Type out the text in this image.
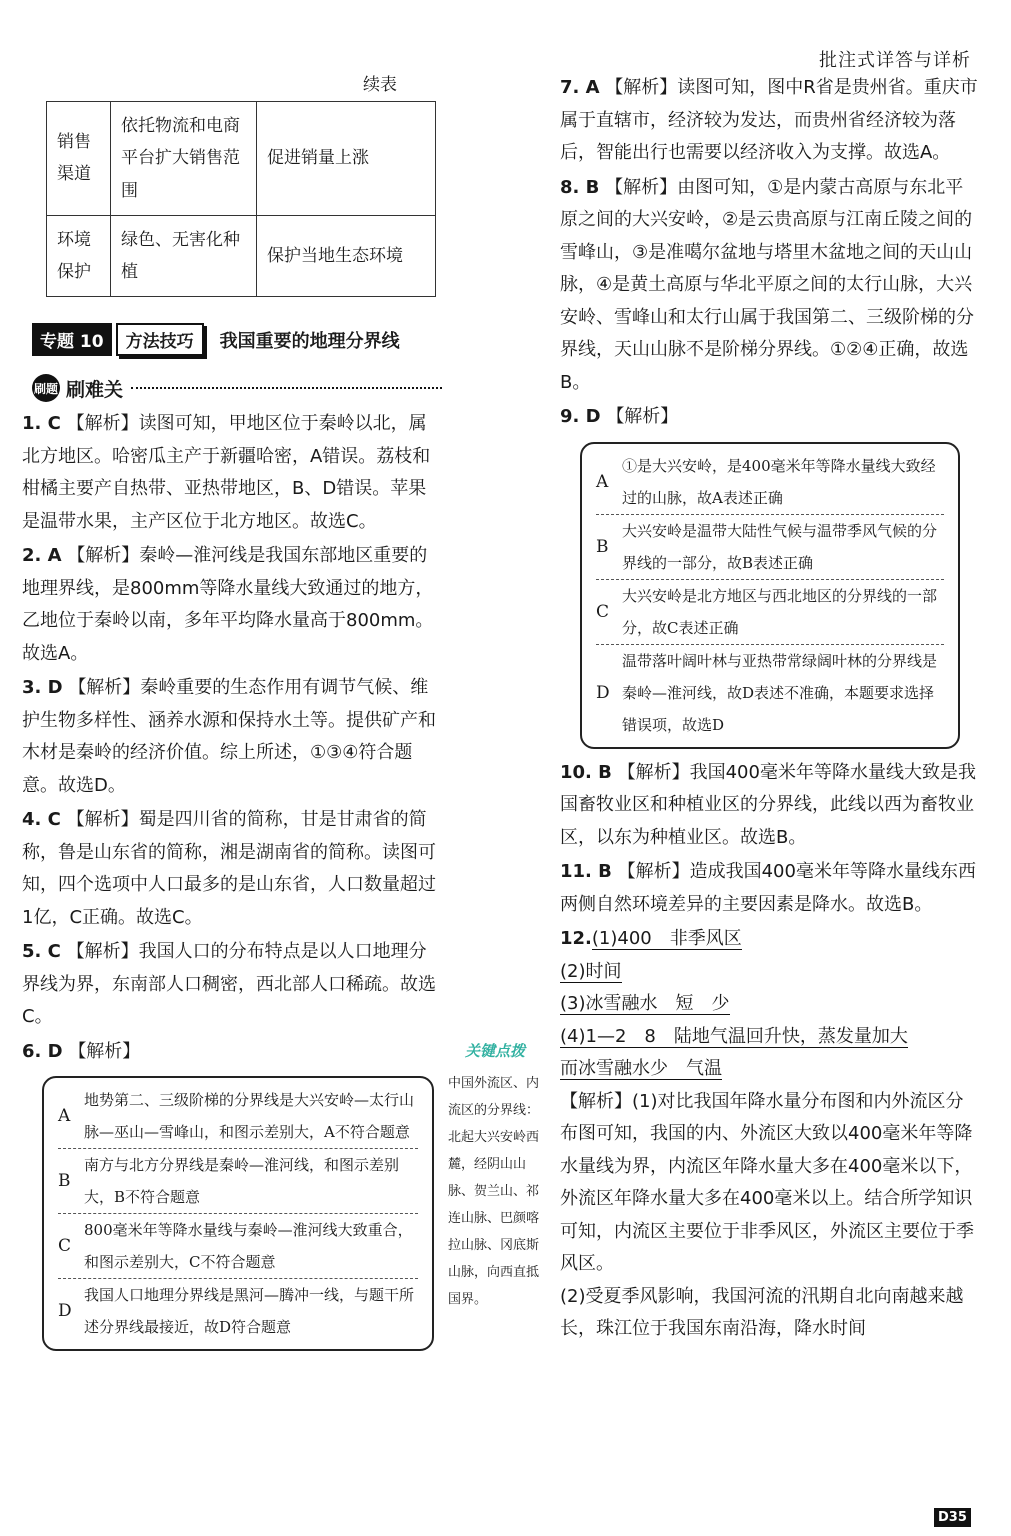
批注式详答与详析
续表
销售渠道	依托物流和电商平台扩大销售范围	促进销量上涨
环境保护	绿色、无害化种植	保护当地生态环境
专题 10	方法技巧	我国重要的地理分界线
刷题 刷难关
1. C 【解析】读图可知，甲地区位于秦岭以北，属北方地区。哈密瓜主产于新疆哈密，A错误。荔枝和柑橘主要产自热带、亚热带地区，B、D错误。苹果是温带水果，主产区位于北方地区。故选C。
2. A 【解析】秦岭—淮河线是我国东部地区重要的地理界线，是800mm等降水量线大致通过的地方，乙地位于秦岭以南，多年平均降水量高于800mm。故选A。
3. D 【解析】秦岭重要的生态作用有调节气候、维护生物多样性、涵养水源和保持水土等。提供矿产和木材是秦岭的经济价值。综上所述，①③④符合题意。故选D。
4. C 【解析】蜀是四川省的简称，甘是甘肃省的简称，鲁是山东省的简称，湘是湖南省的简称。读图可知，四个选项中人口最多的是山东省，人口数量超过1亿，C正确。故选C。
5. C 【解析】我国人口的分布特点是以人口地理分界线为界，东南部人口稠密，西北部人口稀疏。故选C。
6. D 【解析】
A
地势第二、三级阶梯的分界线是大兴安岭—太行山脉—巫山—雪峰山，和图示差别大，A不符合题意
B
南方与北方分界线是秦岭—淮河线，和图示差别大，B不符合题意
C
800毫米年等降水量线与秦岭—淮河线大致重合，和图示差别大，C不符合题意
D
我国人口地理分界线是黑河—腾冲一线，与题干所述分界线最接近，故D符合题意
关键点拨
中国外流区、内流区的分界线：北起大兴安岭西麓，经阴山山脉、贺兰山、祁连山脉、巴颜喀拉山脉、冈底斯山脉，向西直抵国界。
7. A 【解析】读图可知，图中R省是贵州省。重庆市属于直辖市，经济较为发达，而贵州省经济较为落后，智能出行也需要以经济收入为支撑。故选A。
8. B 【解析】由图可知，①是内蒙古高原与东北平原之间的大兴安岭，②是云贵高原与江南丘陵之间的雪峰山，③是准噶尔盆地与塔里木盆地之间的天山山脉，④是黄土高原与华北平原之间的太行山脉，大兴安岭、雪峰山和太行山属于我国第二、三级阶梯的分界线，天山山脉不是阶梯分界线。①②④正确，故选B。
9. D 【解析】
A
①是大兴安岭，是400毫米年等降水量线大致经过的山脉，故A表述正确
B
大兴安岭是温带大陆性气候与温带季风气候的分界线的一部分，故B表述正确
C
大兴安岭是北方地区与西北地区的分界线的一部分，故C表述正确
D
温带落叶阔叶林与亚热带常绿阔叶林的分界线是秦岭—淮河线，故D表述不准确，本题要求选择错误项，故选D
10. B 【解析】我国400毫米年等降水量线大致是我国畜牧业区和种植业区的分界线，此线以西为畜牧业区，以东为种植业区。故选B。
11. B 【解析】造成我国400毫米年等降水量线东西两侧自然环境差异的主要因素是降水。故选B。
12.(1)400　非季风区
(2)时间
(3)冰雪融水　短　少
(4)1—2　8　陆地气温回升快，蒸发量加大
而冰雪融水少　气温
【解析】(1)对比我国年降水量分布图和内外流区分布图可知，我国的内、外流区大致以400毫米年等降水量线为界，内流区年降水量大多在400毫米以下，外流区年降水量大多在400毫米以上。结合所学知识可知，内流区主要位于非季风区，外流区主要位于季风区。
(2)受夏季风影响，我国河流的汛期自北向南越来越长，珠江位于我国东南沿海，降水时间
D35
